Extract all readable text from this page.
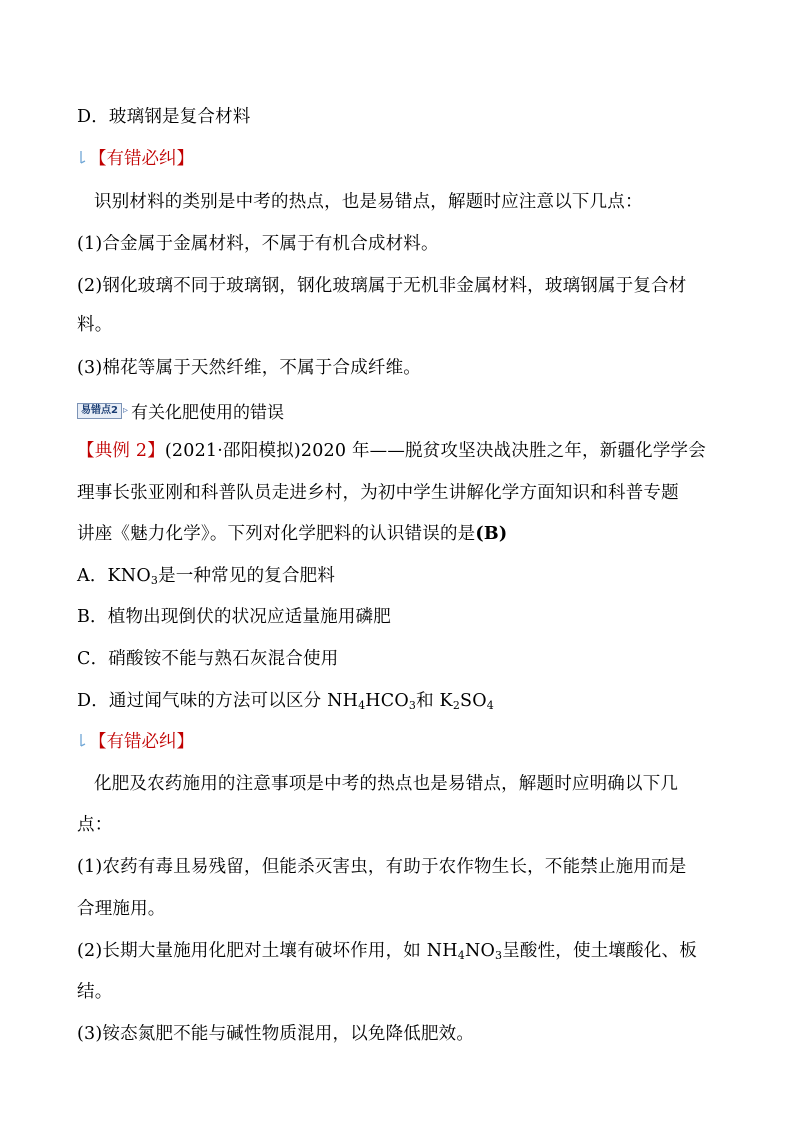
D．玻璃钢是复合材料
【有错必纠】
识别材料的类别是中考的热点，也是易错点，解题时应注意以下几点：
(1)合金属于金属材料，不属于有机合成材料。
(2)钢化玻璃不同于玻璃钢，钢化玻璃属于无机非金属材料，玻璃钢属于复合材
料。
(3)棉花等属于天然纤维，不属于合成纤维。
易错点2 ▹ 有关化肥使用的错误
【典例 2】(2021·邵阳模拟)2020 年——脱贫攻坚决战决胜之年，新疆化学学会
理事长张亚刚和科普队员走进乡村，为初中学生讲解化学方面知识和科普专题
讲座《魅力化学》。下列对化学肥料的认识错误的是(B)
A．$KNO_3$是一种常见的复合肥料
B．植物出现倒伏的状况应适量施用磷肥
C．硝酸铵不能与熟石灰混合使用
D．通过闻气味的方法可以区分 $NH_4HCO_3$和 $K_2SO_4$
【有错必纠】
化肥及农药施用的注意事项是中考的热点也是易错点，解题时应明确以下几
点：
(1)农药有毒且易残留，但能杀灭害虫，有助于农作物生长，不能禁止施用而是
合理施用。
(2)长期大量施用化肥对土壤有破坏作用，如 $NH_4NO_3$呈酸性，使土壤酸化、板
结。
(3)铵态氮肥不能与碱性物质混用，以免降低肥效。
